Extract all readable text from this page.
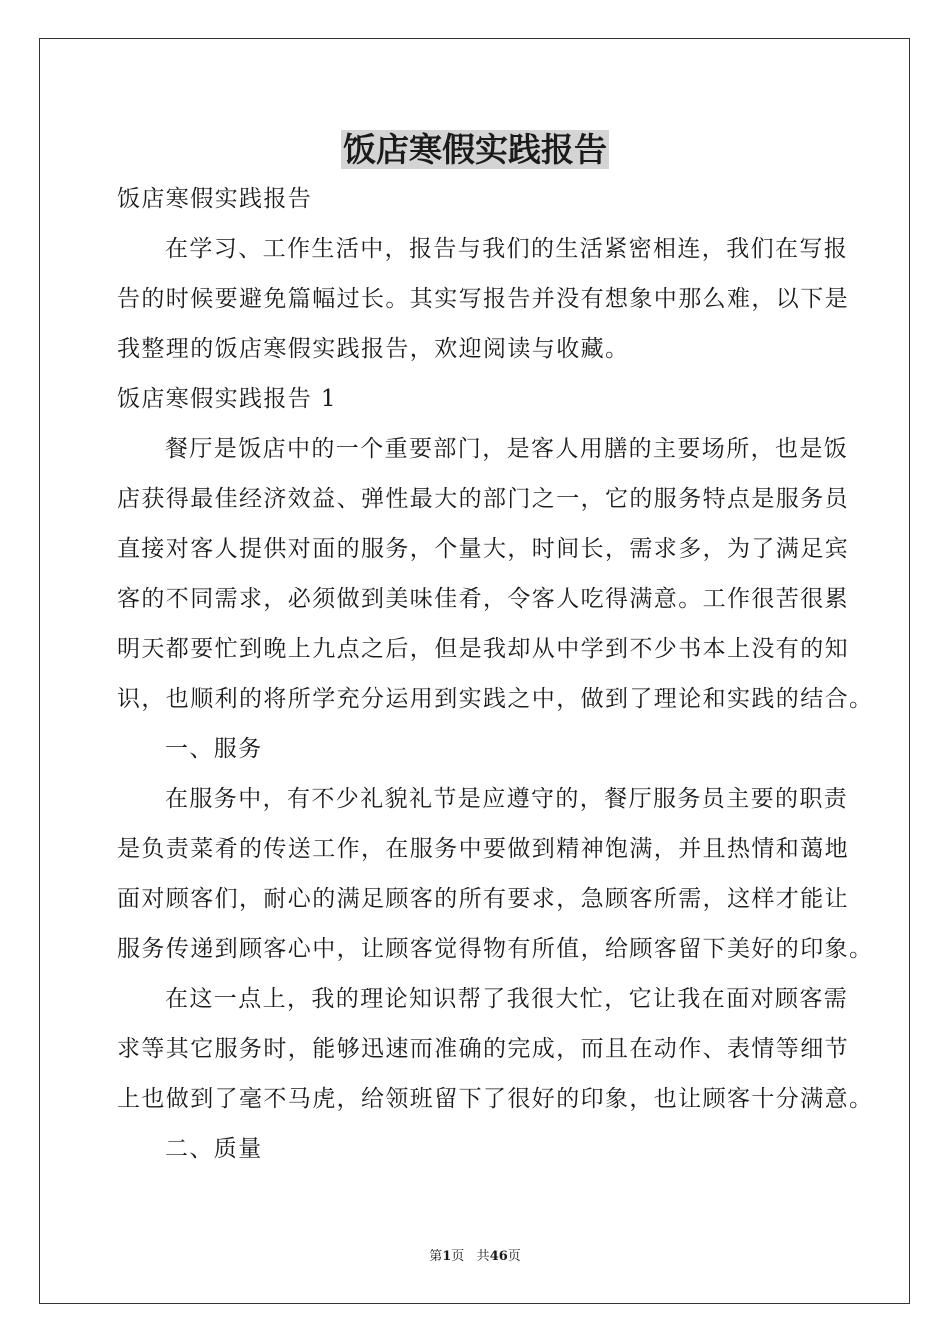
饭店寒假实践报告

饭店寒假实践报告

在学习、工作生活中，报告与我们的生活紧密相连，我们在写报

告的时候要避免篇幅过长。其实写报告并没有想象中那么难，以下是

我整理的饭店寒假实践报告，欢迎阅读与收藏。

饭店寒假实践报告 1

餐厅是饭店中的一个重要部门，是客人用膳的主要场所，也是饭

店获得最佳经济效益、弹性最大的部门之一，它的服务特点是服务员

直接对客人提供对面的服务，个量大，时间长，需求多，为了满足宾

客的不同需求，必须做到美味佳肴，令客人吃得满意。工作很苦很累

明天都要忙到晚上九点之后，但是我却从中学到不少书本上没有的知

识，也顺利的将所学充分运用到实践之中，做到了理论和实践的结合。

一、服务

在服务中，有不少礼貌礼节是应遵守的，餐厅服务员主要的职责

是负责菜肴的传送工作，在服务中要做到精神饱满，并且热情和蔼地

面对顾客们，耐心的满足顾客的所有要求，急顾客所需，这样才能让

服务传递到顾客心中，让顾客觉得物有所值，给顾客留下美好的印象。

在这一点上，我的理论知识帮了我很大忙，它让我在面对顾客需

求等其它服务时，能够迅速而准确的完成，而且在动作、表情等细节

上也做到了毫不马虎，给领班留下了很好的印象，也让顾客十分满意。

二、质量

第1页 共46页
